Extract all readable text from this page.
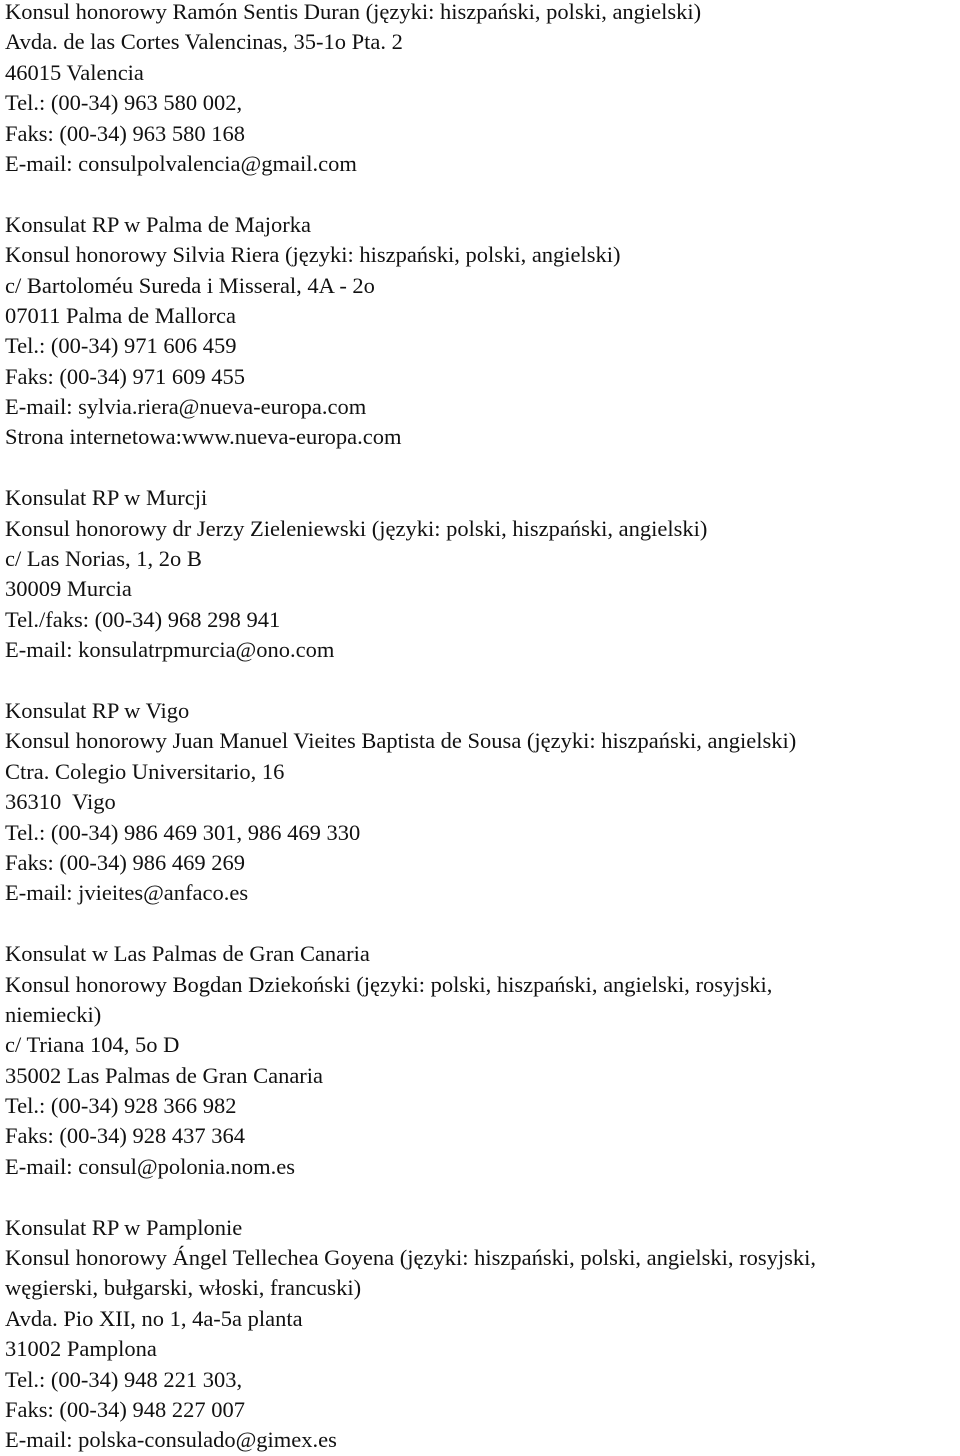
Konsul honorowy Ramón Sentis Duran (języki: hiszpański, polski, angielski)
Avda. de las Cortes Valencinas, 35-1o Pta. 2
46015 Valencia
Tel.: (00-34) 963 580 002,
Faks: (00-34) 963 580 168
E-mail: consulpolvalencia@gmail.com
Konsulat RP w Palma de Majorka
Konsul honorowy Silvia Riera (języki: hiszpański, polski, angielski)
c/ Bartoloméu Sureda i Misseral, 4A - 2o
07011 Palma de Mallorca
Tel.: (00-34) 971 606 459
Faks: (00-34) 971 609 455
E-mail: sylvia.riera@nueva-europa.com
Strona internetowa:www.nueva-europa.com
Konsulat RP w Murcji
Konsul honorowy dr Jerzy Zieleniewski (języki: polski, hiszpański, angielski)
c/ Las Norias, 1, 2o B
30009 Murcia
Tel./faks: (00-34) 968 298 941
E-mail: konsulatrpmurcia@ono.com
Konsulat RP w Vigo
Konsul honorowy Juan Manuel Vieites Baptista de Sousa (języki: hiszpański, angielski)
Ctra. Colegio Universitario, 16
36310  Vigo
Tel.: (00-34) 986 469 301, 986 469 330
Faks: (00-34) 986 469 269
E-mail: jvieites@anfaco.es
Konsulat w Las Palmas de Gran Canaria
Konsul honorowy Bogdan Dziekoński (języki: polski, hiszpański, angielski, rosyjski,
niemiecki)
c/ Triana 104, 5o D
35002 Las Palmas de Gran Canaria
Tel.: (00-34) 928 366 982
Faks: (00-34) 928 437 364
E-mail: consul@polonia.nom.es
Konsulat RP w Pamplonie
Konsul honorowy Ángel Tellechea Goyena (języki: hiszpański, polski, angielski, rosyjski,
węgierski, bułgarski, włoski, francuski)
Avda. Pio XII, no 1, 4a-5a planta
31002 Pamplona
Tel.: (00-34) 948 221 303,
Faks: (00-34) 948 227 007
E-mail: polska-consulado@gimex.es
